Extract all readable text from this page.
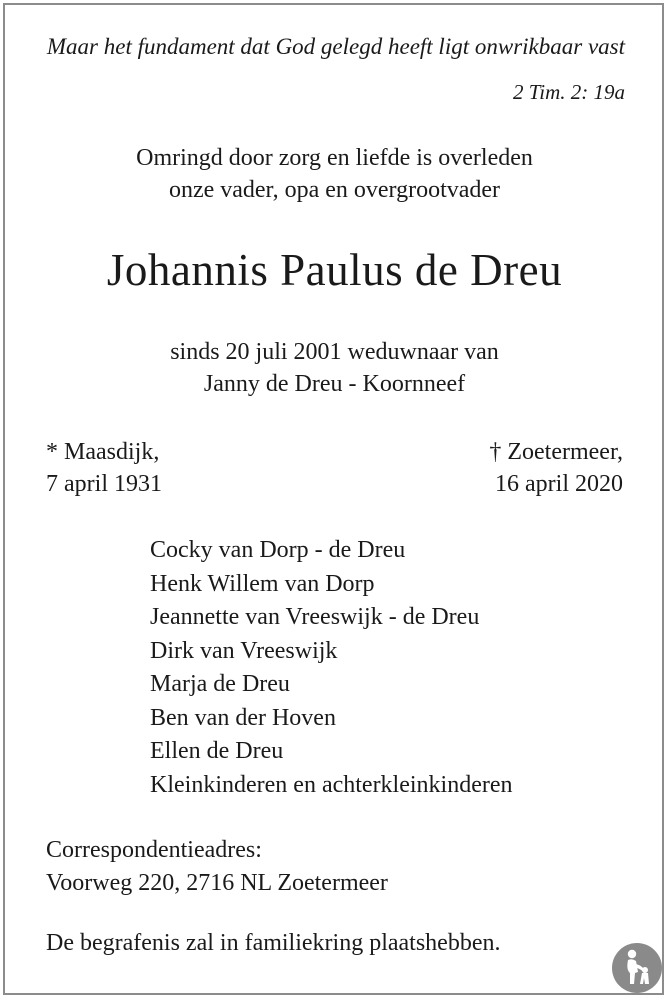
Maar het fundament dat God gelegd heeft ligt onwrikbaar vast
2 Tim. 2: 19a
Omringd door zorg en liefde is overleden
onze vader, opa en overgrootvader
Johannis Paulus de Dreu
sinds 20 juli 2001 weduwnaar van
Janny de Dreu - Koornneef
* Maasdijk,
7 april 1931
† Zoetermeer,
16 april 2020
Cocky van Dorp - de Dreu
Henk Willem van Dorp
Jeannette van Vreeswijk - de Dreu
Dirk van Vreeswijk
Marja de Dreu
Ben van der Hoven
Ellen de Dreu
Kleinkinderen en achterkleinkinderen
Correspondentieadres:
Voorweg 220, 2716 NL Zoetermeer
De begrafenis zal in familiekring plaatshebben.
